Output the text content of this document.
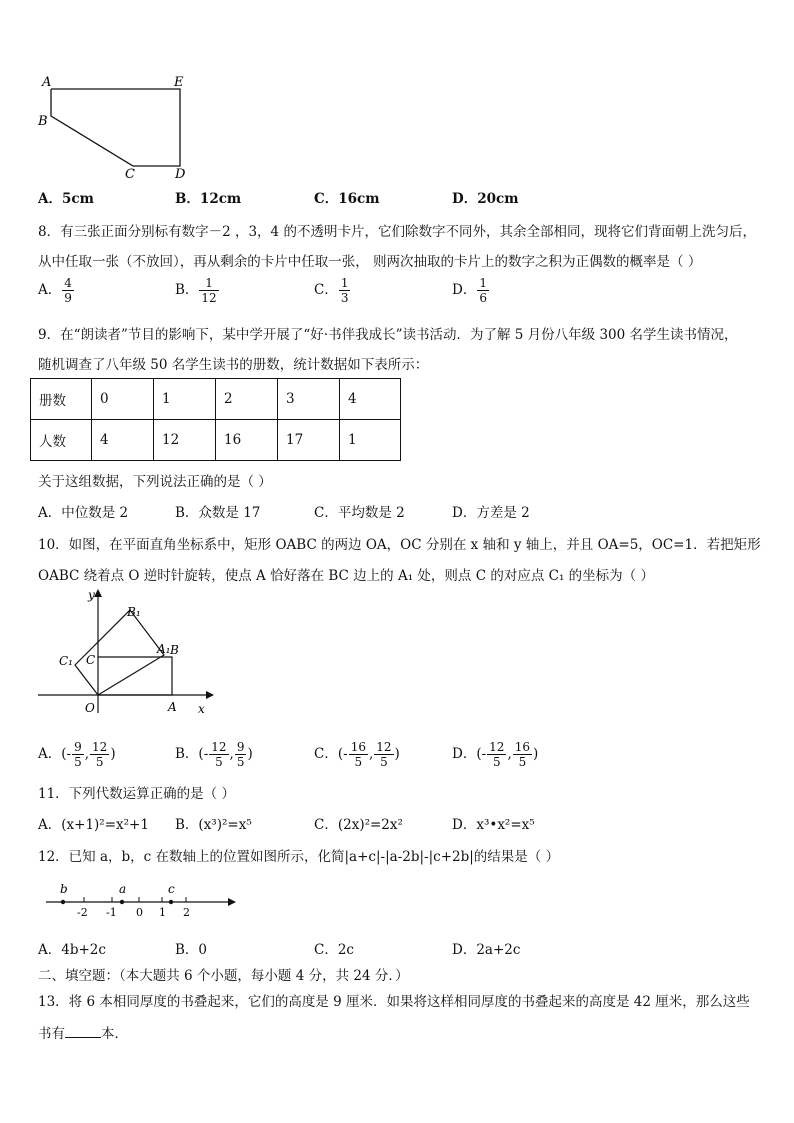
A	E
B
C	D
A．5cm	B．12cm	C．16cm	D．20cm
8．有三张正面分别标有数字－2 ，3，4 的不透明卡片，它们除数字不同外，其余全部相同，现将它们背面朝上洗匀后，
从中任取一张（不放回），再从剩余的卡片中任取一张， 则两次抽取的卡片上的数字之积为正偶数的概率是（ ）
A． $\frac{4}{9}$	B． $\frac{1}{12}$	C． $\frac{1}{3}$	D． $\frac{1}{6}$
9．在“朗读者”节目的影响下，某中学开展了“好·书伴我成长”读书活动．为了解 5 月份八年级 300 名学生读书情况，
随机调查了八年级 50 名学生读书的册数，统计数据如下表所示：
册数	0	1	2	3	4
人数	4	12	16	17	1
关于这组数据，下列说法正确的是（ ）
A．中位数是 2	B．众数是 17	C．平均数是 2	D．方差是 2
10．如图，在平面直角坐标系中，矩形 OABC 的两边 OA，OC 分别在 x 轴和 y 轴上，并且 OA=5，OC=1．若把矩形
OABC 绕着点 O 逆时针旋转，使点 A 恰好落在 BC 边上的 A₁ 处，则点 C 的对应点 C₁ 的坐标为（ ）
y
x
O	A
B
A₁
C
C₁
B₁
A．(- $\frac{9}{5}$ , $\frac{12}{5}$ )	B．(- $\frac{12}{5}$ , $\frac{9}{5}$ )	C．(- $\frac{16}{5}$ , $\frac{12}{5}$ )	D．(- $\frac{12}{5}$ , $\frac{16}{5}$ )
11．下列代数运算正确的是（ ）
A．(x+1)²=x²+1 B．(x³)²=x⁵	C．(2x)²=2x²	D．x³•x²=x⁵
12．已知 a，b，c 在数轴上的位置如图所示，化简|a+c|-|a-2b|-|c+2b|的结果是（ ）
b	a	c
-2 -1 0 1 2
A．4b+2c	B．0	C．2c	D．2a+2c
二、填空题：（本大题共 6 个小题，每小题 4 分，共 24 分．）
13．将 6 本相同厚度的书叠起来，它们的高度是 9 厘米．如果将这样相同厚度的书叠起来的高度是 42 厘米，那么这些
书有	本．
